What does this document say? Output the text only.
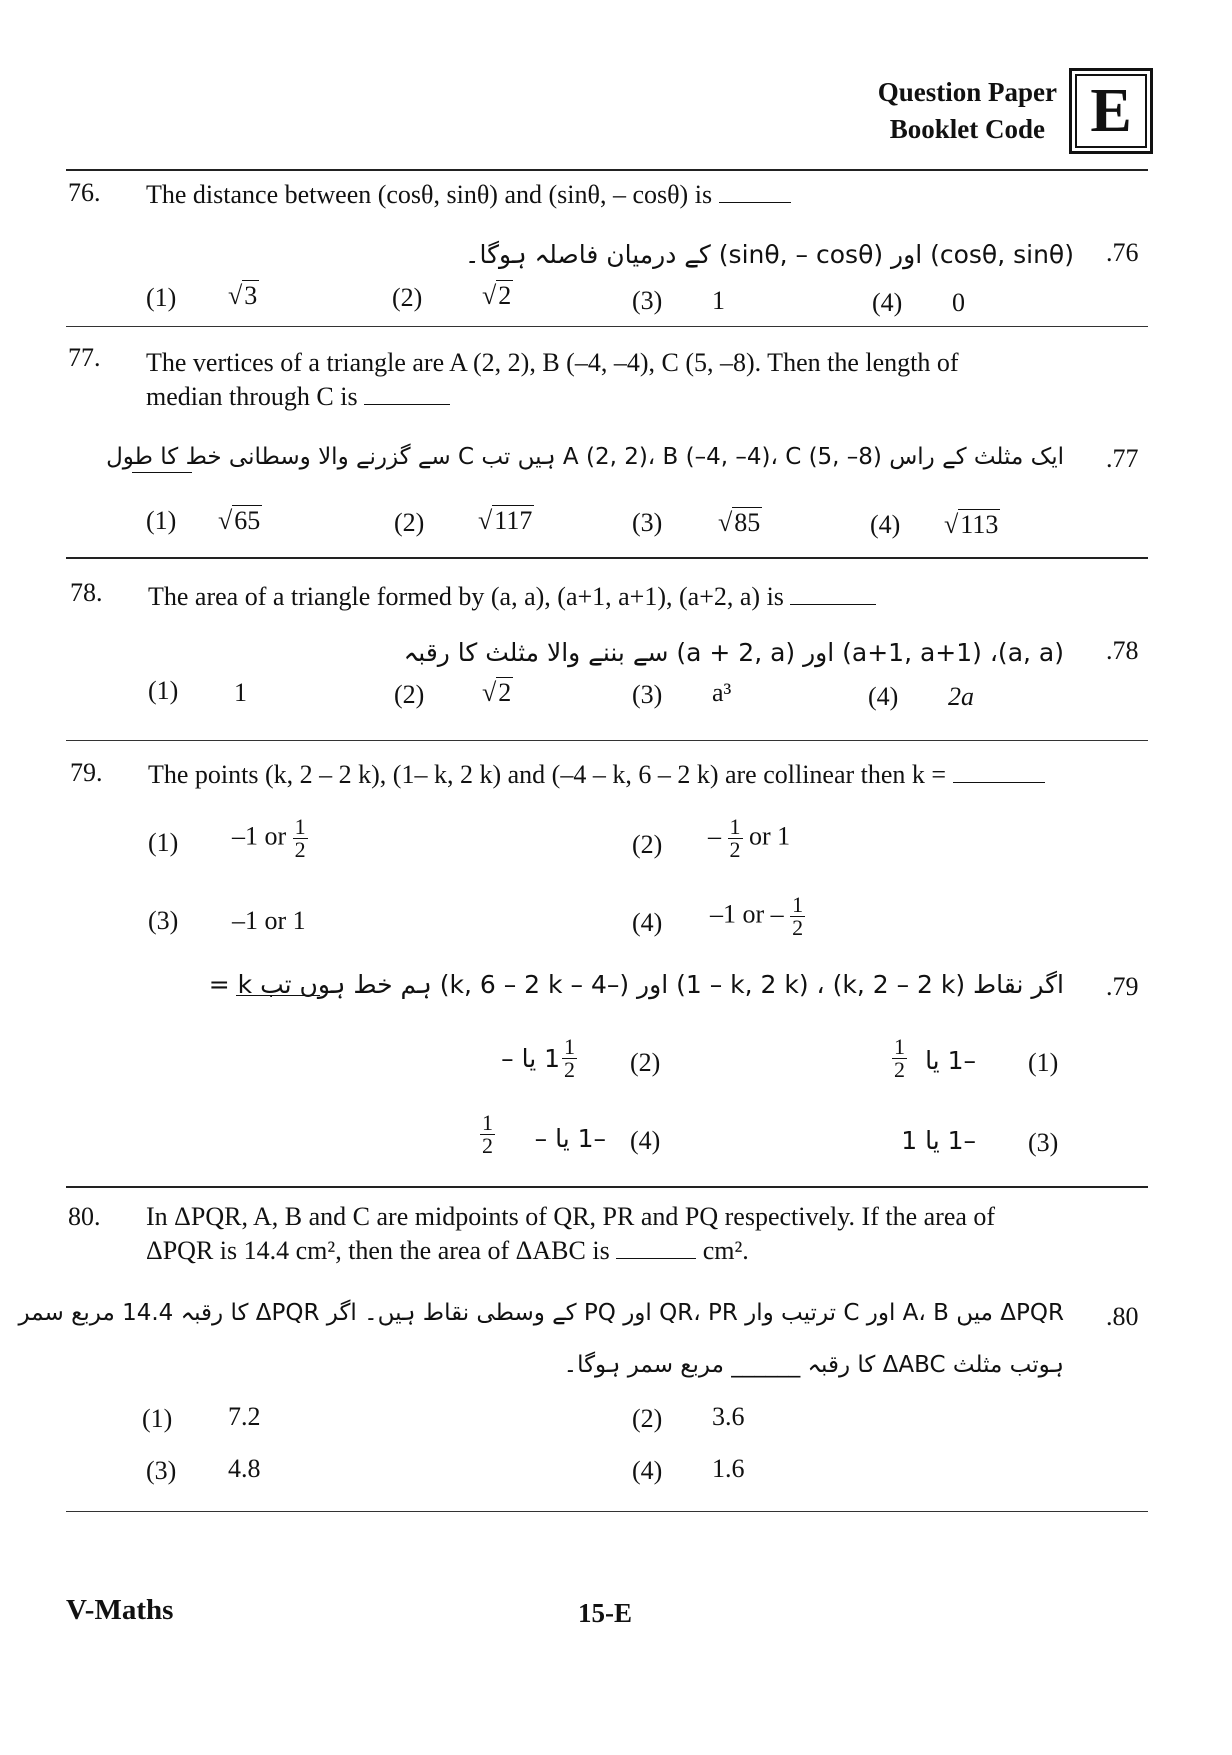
Question Paper
Booklet Code E
76. The distance between (cosθ, sinθ) and (sinθ, – cosθ) is
.76
(cosθ, sinθ) اور (sinθ, – cosθ) کے درمیان فاصلہ ہوگا۔
(1) √3	(2) √2	(3) 1	(4) 0
77. The vertices of a triangle are A (2, 2), B (–4, –4), C (5, –8). Then the length of
median through C is
.77
ایک مثلث کے راس A (2, 2)، B (–4, –4)، C (5, –8) ہیں تب C سے گزرنے والا وسطانی خط کا طول
(1) √65	(2) √117	(3) √85	(4) √113
78. The area of a triangle formed by (a, a), (a+1, a+1), (a+2, a) is
.78
(a, a)، (a+1, a+1) اور (a + 2, a) سے بننے والا مثلث کا رقبہ
(1) 1	(2) √2	(3) a³	(4) 2a
79. The points (k, 2 – 2 k), (1– k, 2 k) and (–4 – k, 6 – 2 k) are collinear then k =
(1) –1 or $\frac{1}{2}$	$(2) - \frac{1}{2}$ or 1
(3) –1 or 1	(4) –1 or – $\frac{1}{2}$
.79
اگر نقاط (k, 2 – 2 k) ، (1 – k, 2 k) اور (–4 – k, 6 – 2 k) ہم خط ہوں تب k =
(1)
–1 یا
$\frac{1}{2}$
(2)
1 یا – $\frac{1}{2}$
(3)
–1 یا 1
(4)
–1 یا –
$\frac{1}{2}$
80. In ΔPQR, A, B and C are midpoints of QR, PR and PQ respectively. If the area of
ΔPQR is 14.4 cm², then the area of ΔABC is	cm².
.80
ΔPQR میں A، B اور C ترتیب وار QR، PR اور PQ کے وسطی نقاط ہیں۔ اگر ΔPQR کا رقبہ 14.4 مربع سمر
ہوتب مثلث ΔABC کا رقبہ ______ مربع سمر ہوگا۔
(1) 7.2	(2) 3.6
(3) 4.8	(4) 1.6
V-Maths	15-E
